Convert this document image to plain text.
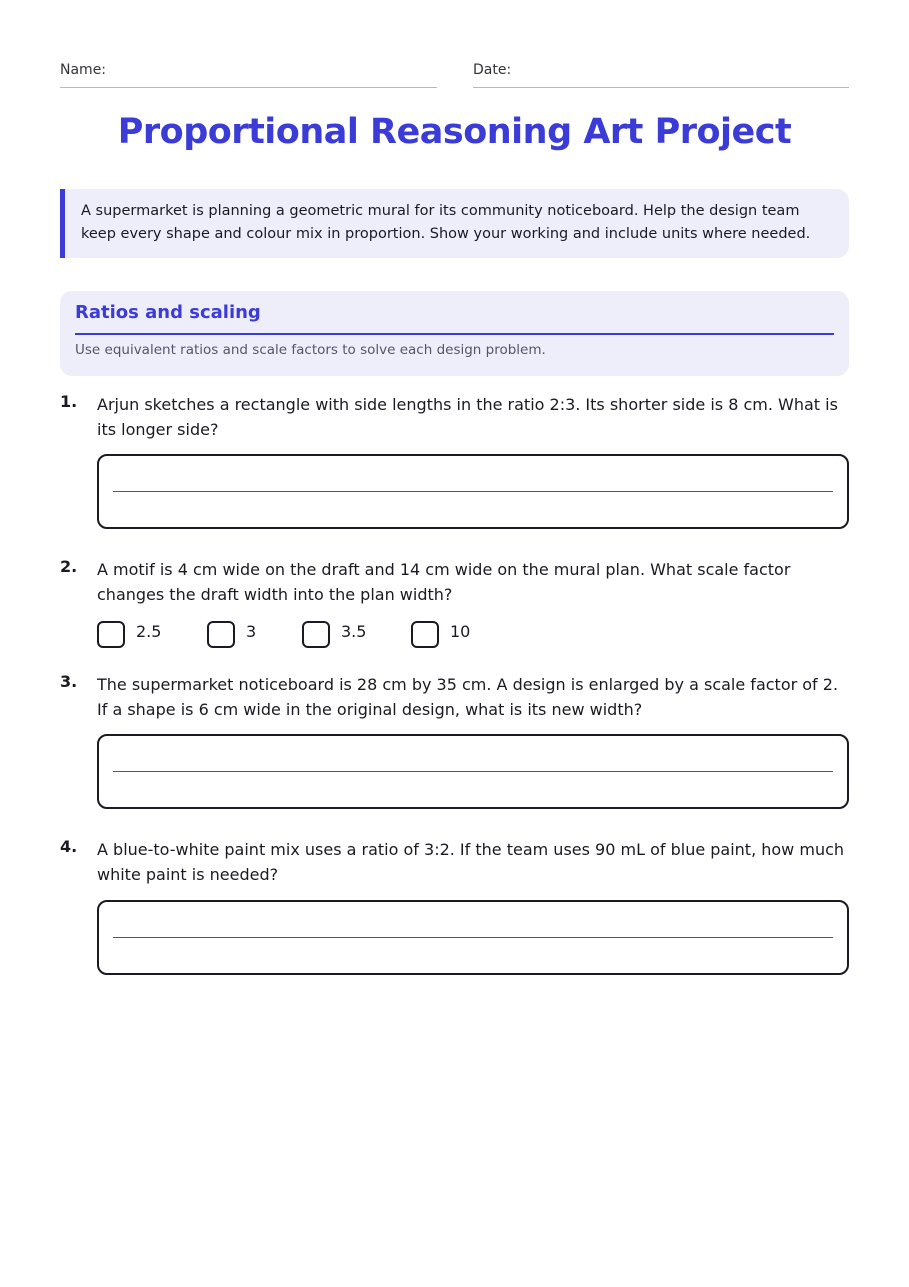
Name:	Date:
Proportional Reasoning Art Project
A supermarket is planning a geometric mural for its community noticeboard. Help the design team keep every shape and colour mix in proportion. Show your working and include units where needed.
Ratios and scaling
Use equivalent ratios and scale factors to solve each design problem.
1. Arjun sketches a rectangle with side lengths in the ratio 2:3. Its shorter side is 8 cm. What is its longer side?
2. A motif is 4 cm wide on the draft and 14 cm wide on the mural plan. What scale factor changes the draft width into the plan width?
2.5	3	3.5	10
3. The supermarket noticeboard is 28 cm by 35 cm. A design is enlarged by a scale factor of 2. If a shape is 6 cm wide in the original design, what is its new width?
4. A blue-to-white paint mix uses a ratio of 3:2. If the team uses 90 mL of blue paint, how much white paint is needed?
